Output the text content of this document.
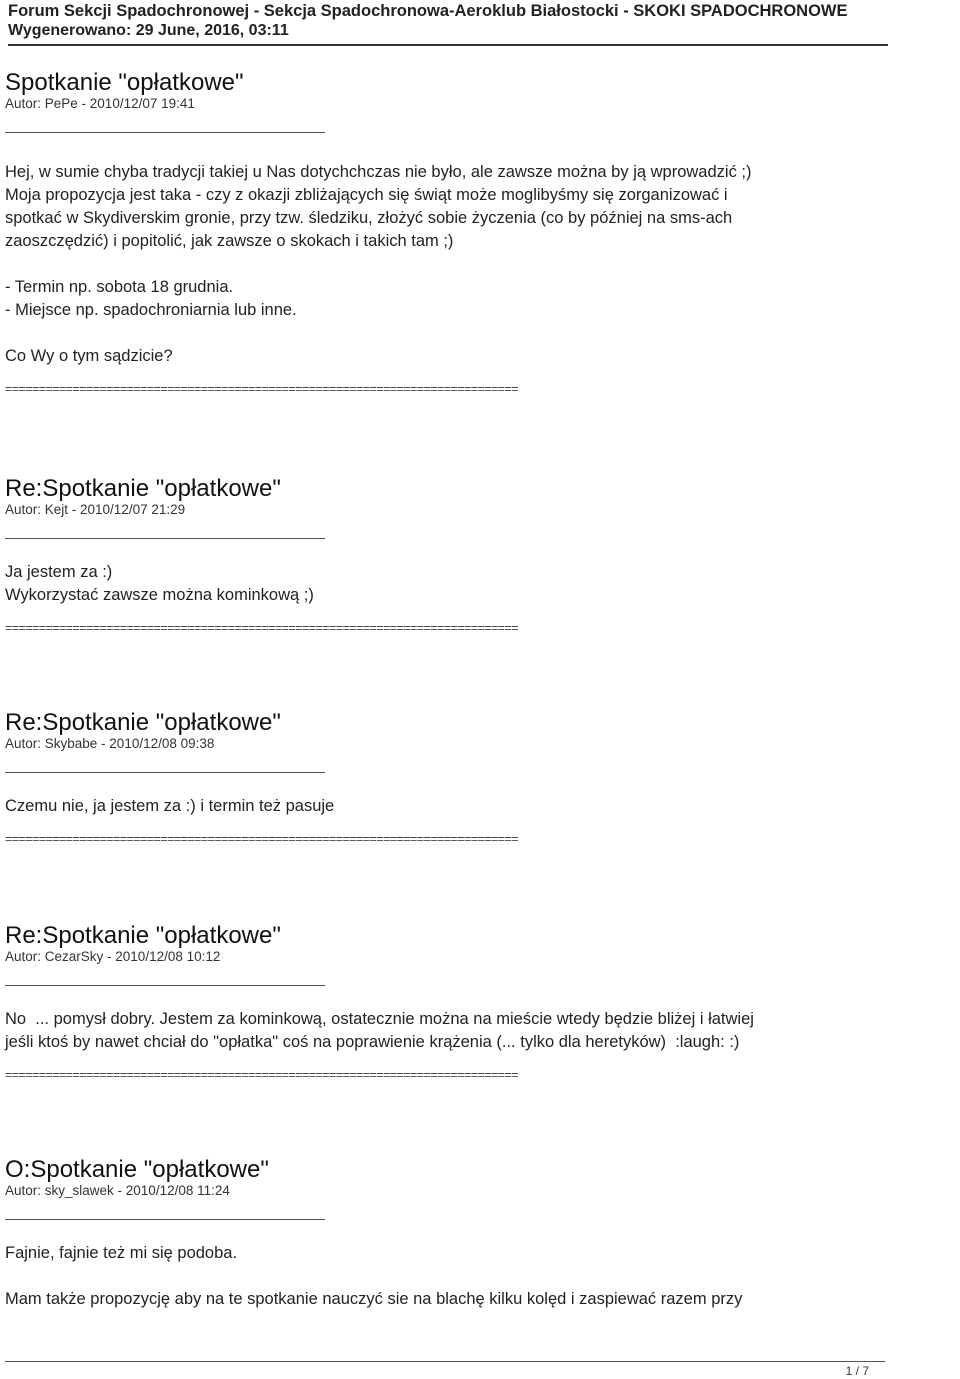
Forum Sekcji Spadochronowej - Sekcja Spadochronowa-Aeroklub Białostocki - SKOKI SPADOCHRONOWE
Wygenerowano: 29 June, 2016, 03:11
Spotkanie "opłatkowe"
Autor: PePe - 2010/12/07 19:41

Hej, w sumie chyba tradycji takiej u Nas dotychchczas nie było, ale zawsze można by ją wprowadzić ;)

Moja propozycja jest taka - czy z okazji zbliżających się świąt może moglibyśmy się zorganizować i

spotkać w Skydiverskim gronie, przy tzw. śledziku, złożyć sobie życzenia (co by później na sms-ach

zaoszczędzić) i popitolić, jak zawsze o skokach i takich tam ;)

- Termin np. sobota 18 grudnia.

- Miejsce np. spadochroniarnia lub inne.

Co Wy o tym sądzicie?

============================================================================
Re:Spotkanie "opłatkowe"
Autor: Kejt - 2010/12/07 21:29

Ja jestem za :)

Wykorzystać zawsze można kominkową ;)

============================================================================
Re:Spotkanie "opłatkowe"
Autor: Skybabe - 2010/12/08 09:38

Czemu nie, ja jestem za :) i termin też pasuje

============================================================================
Re:Spotkanie "opłatkowe"
Autor: CezarSky - 2010/12/08 10:12

No  ... pomysł dobry. Jestem za kominkową, ostatecznie można na mieście wtedy będzie bliżej i łatwiej

jeśli ktoś by nawet chciał do "opłatka" coś na poprawienie krążenia (... tylko dla heretyków)  :laugh: :)

============================================================================
O:Spotkanie "opłatkowe"
Autor: sky_slawek - 2010/12/08 11:24

Fajnie, fajnie też mi się podoba.

Mam także propozycję aby na te spotkanie nauczyć sie na blachę kilku kolęd i zaspiewać razem przy

1 / 7
